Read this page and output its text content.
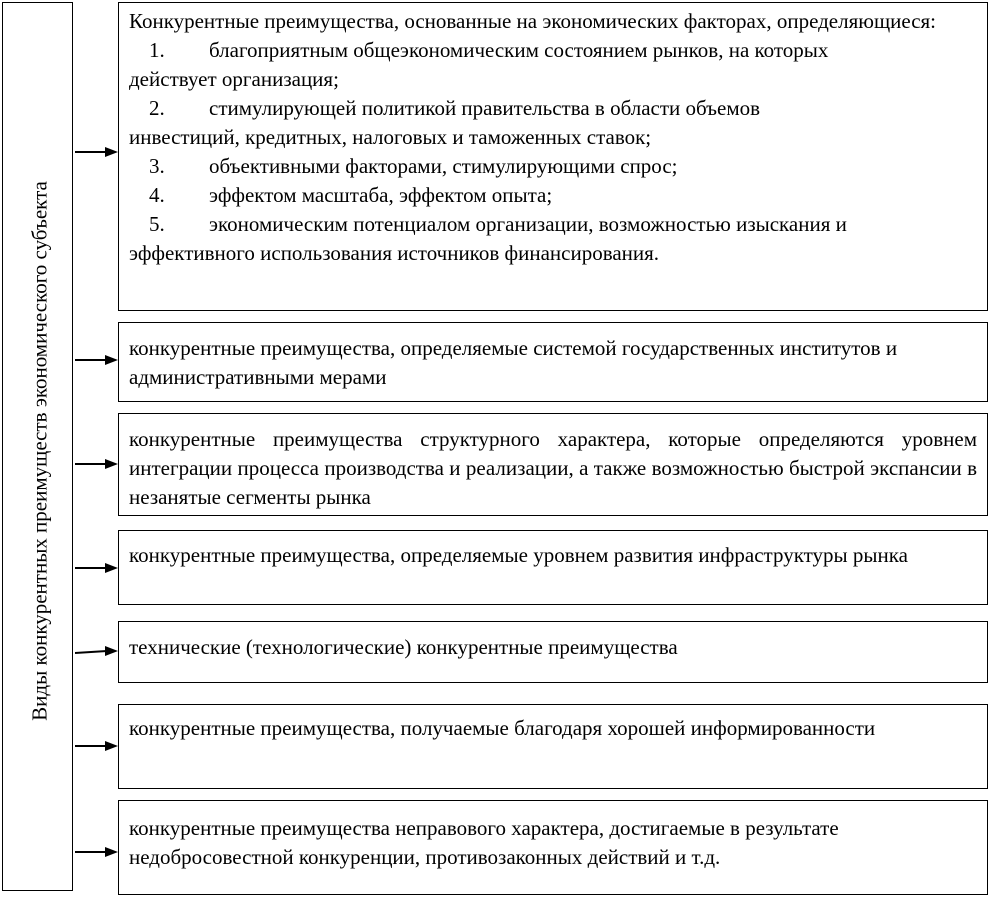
Виды конкурентных преимуществ экономического субъекта

Конкурентные преимущества, основанные на экономических факторах, определяющиеся:

1.	благоприятным общеэкономическим состоянием рынков, на которых

действует организация;

2.	стимулирующей политикой правительства в области объемов

инвестиций, кредитных, налоговых и таможенных ставок;

3.	объективными факторами, стимулирующими спрос;
4.	эффектом масштаба, эффектом опыта;
5.	экономическим потенциалом организации, возможностью изыскания и

эффективного использования источников финансирования.

конкурентные преимущества, определяемые системой государственных институтов и административными мерами

конкурентные преимущества структурного характера, которые определяются уровнем интеграции процесса производства и реализации, а также возможностью быстрой экспансии в незанятые сегменты рынка

конкурентные преимущества, определяемые уровнем развития инфраструктуры рынка

технические (технологические) конкурентные преимущества

конкурентные преимущества, получаемые благодаря хорошей информированности

конкурентные преимущества неправового характера, достигаемые в результате недобросовестной конкуренции, противозаконных действий и т.д.
